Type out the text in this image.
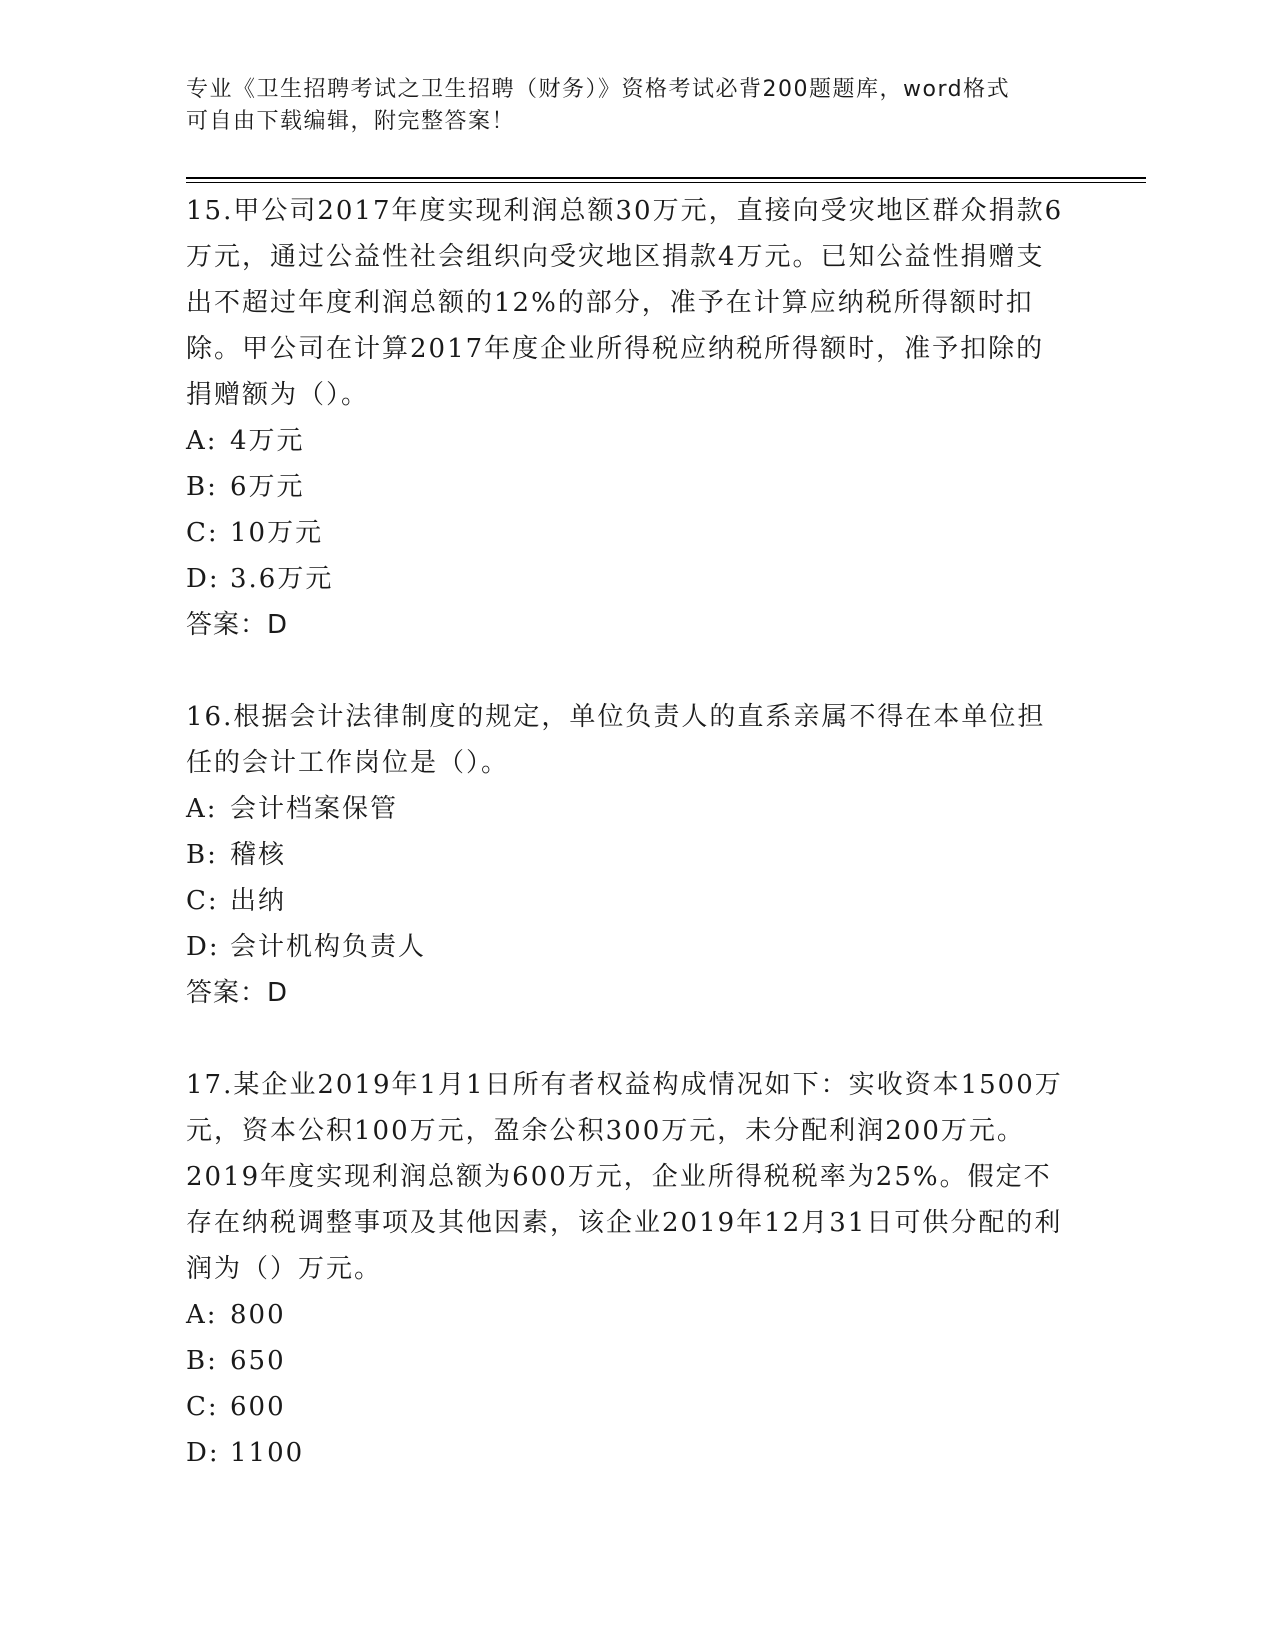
专业《卫生招聘考试之卫生招聘（财务）》资格考试必背200题题库，word格式
可自由下载编辑，附完整答案！

15.甲公司2017年度实现利润总额30万元，直接向受灾地区群众捐款6万元，通过公益性社会组织向受灾地区捐款4万元。已知公益性捐赠支出不超过年度利润总额的12%的部分，准予在计算应纳税所得额时扣除。甲公司在计算2017年度企业所得税应纳税所得额时，准予扣除的捐赠额为（）。

A: 4万元
B: 6万元
C: 10万元
D: 3.6万元

答案：D

16.根据会计法律制度的规定，单位负责人的直系亲属不得在本单位担任的会计工作岗位是（）。

A: 会计档案保管
B: 稽核
C: 出纳
D: 会计机构负责人

答案：D

17.某企业2019年1月1日所有者权益构成情况如下：实收资本1500万元，资本公积100万元，盈余公积300万元，未分配利润200万元。2019年度实现利润总额为600万元，企业所得税税率为25%。假定不存在纳税调整事项及其他因素，该企业2019年12月31日可供分配的利润为（）万元。

A: 800
B: 650
C: 600
D: 1100
